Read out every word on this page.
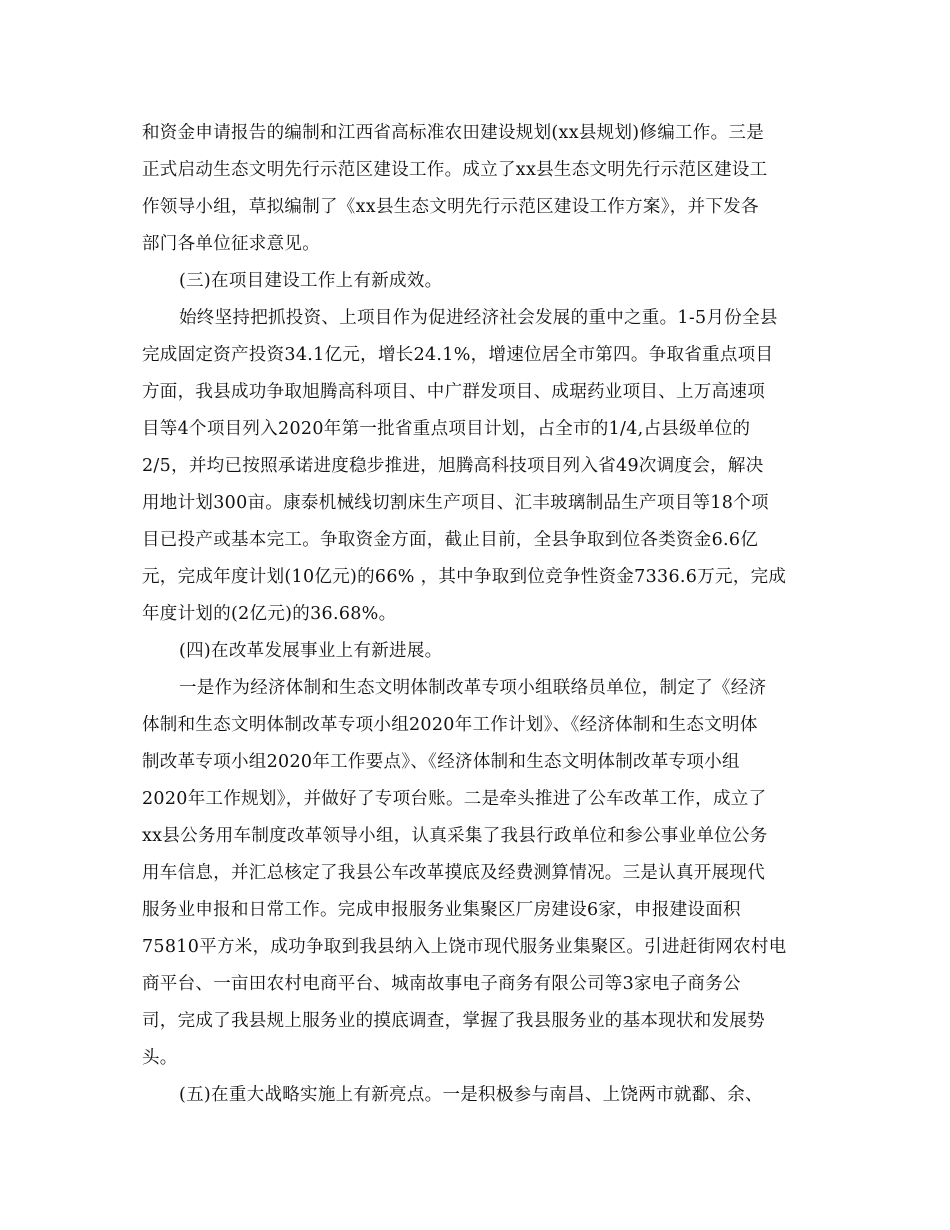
和资金申请报告的编制和江西省高标准农田建设规划(xx县规划)修编工作。三是
正式启动生态文明先行示范区建设工作。成立了xx县生态文明先行示范区建设工
作领导小组，草拟编制了《xx县生态文明先行示范区建设工作方案》，并下发各
部门各单位征求意见。
(三)在项目建设工作上有新成效。
始终坚持把抓投资、上项目作为促进经济社会发展的重中之重。1-5月份全县
完成固定资产投资34.1亿元，增长24.1%，增速位居全市第四。争取省重点项目
方面，我县成功争取旭腾高科项目、中广群发项目、成琚药业项目、上万高速项
目等4个项目列入2020年第一批省重点项目计划，占全市的1/4,占县级单位的
2/5，并均已按照承诺进度稳步推进，旭腾高科技项目列入省49次调度会，解决
用地计划300亩。康泰机械线切割床生产项目、汇丰玻璃制品生产项目等18个项
目已投产或基本完工。争取资金方面，截止目前，全县争取到位各类资金6.6亿
元，完成年度计划(10亿元)的66% ，其中争取到位竞争性资金7336.6万元，完成
年度计划的(2亿元)的36.68%。
(四)在改革发展事业上有新进展。
一是作为经济体制和生态文明体制改革专项小组联络员单位，制定了《经济
体制和生态文明体制改革专项小组2020年工作计划》、《经济体制和生态文明体
制改革专项小组2020年工作要点》、《经济体制和生态文明体制改革专项小组
2020年工作规划》，并做好了专项台账。二是牵头推进了公车改革工作，成立了
xx县公务用车制度改革领导小组，认真采集了我县行政单位和参公事业单位公务
用车信息，并汇总核定了我县公车改革摸底及经费测算情况。三是认真开展现代
服务业申报和日常工作。完成申报服务业集聚区厂房建设6家，申报建设面积
75810平方米，成功争取到我县纳入上饶市现代服务业集聚区。引进赶街网农村电
商平台、一亩田农村电商平台、城南故事电子商务有限公司等3家电子商务公
司，完成了我县规上服务业的摸底调查，掌握了我县服务业的基本现状和发展势
头。
(五)在重大战略实施上有新亮点。一是积极参与南昌、上饶两市就鄱、余、
